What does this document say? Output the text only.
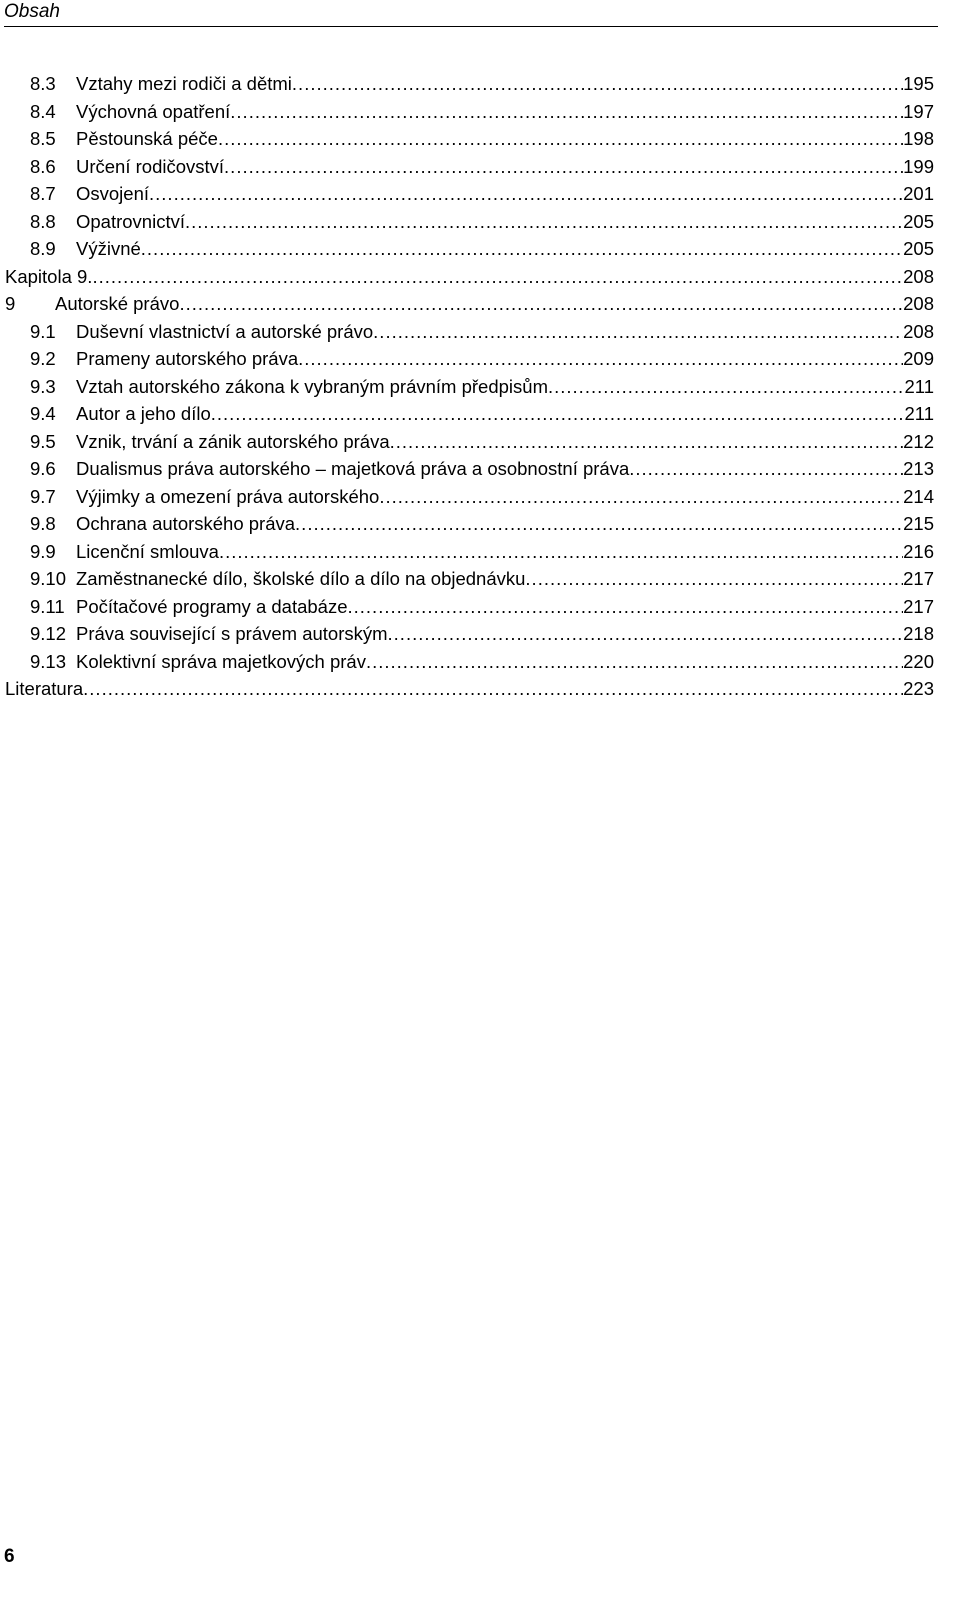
Obsah
8.3	Vztahy mezi rodiči a dětmi .....	195
8.4	Výchovná opatření .....	197
8.5	Pěstounská péče .....	198
8.6	Určení rodičovství .....	199
8.7	Osvojení .....	201
8.8	Opatrovnictví .....	205
8.9	Výživné .....	205
Kapitola 9. .....	208
9	Autorské právo .....	208
9.1	Duševní vlastnictví a autorské právo .....	208
9.2	Prameny autorského práva .....	209
9.3	Vztah autorského zákona k vybraným právním předpisům .....	211
9.4	Autor a jeho dílo .....	211
9.5	Vznik, trvání a zánik autorského práva .....	212
9.6	Dualismus práva autorského – majetková práva a osobnostní práva .....	213
9.7	Výjimky a omezení práva autorského .....	214
9.8	Ochrana autorského práva .....	215
9.9	Licenční smlouva .....	216
9.10 Zaměstnanecké dílo, školské dílo a dílo na objednávku .....	217
9.11 Počítačové programy a databáze .....	217
9.12 Práva související s právem autorským .....	218
9.13 Kolektivní správa majetkových práv .....	220
Literatura .....	223
6
